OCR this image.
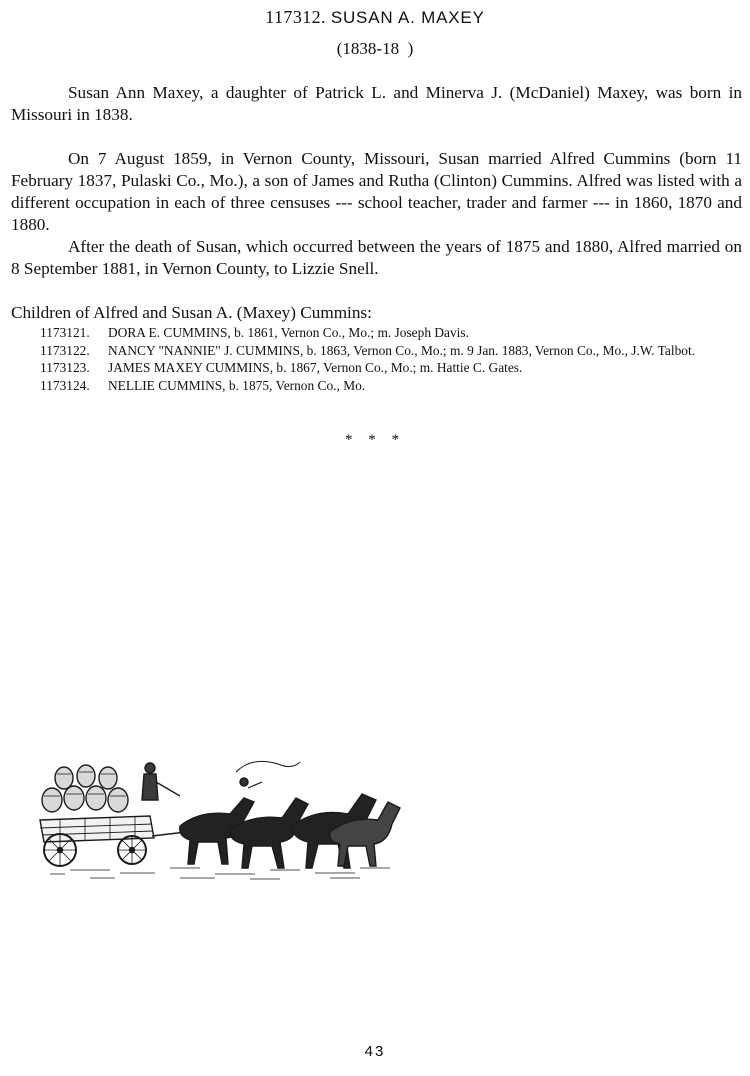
117312. SUSAN A. MAXEY
(1838-18  )

Susan Ann Maxey, a daughter of Patrick L. and Minerva J. (McDaniel) Maxey, was born in Missouri in 1838.

On 7 August 1859, in Vernon County, Missouri, Susan married Alfred Cummins (born 11 February 1837, Pulaski Co., Mo.), a son of James and Rutha (Clinton) Cummins. Alfred was listed with a different occupation in each of three censuses --- school teacher, trader and farmer --- in 1860, 1870 and 1880.

After the death of Susan, which occurred between the years of 1875 and 1880, Alfred married on 8 September 1881, in Vernon County, to Lizzie Snell.

Children of Alfred and Susan A. (Maxey) Cummins:

1173121.	DORA E. CUMMINS, b. 1861, Vernon Co., Mo.; m. Joseph Davis.
1173122.	NANCY "NANNIE" J. CUMMINS, b. 1863, Vernon Co., Mo.; m. 9 Jan. 1883, Vernon Co., Mo., J.W. Talbot.
1173123.	JAMES MAXEY CUMMINS, b. 1867, Vernon Co., Mo.; m. Hattie C. Gates.
1173124.	NELLIE CUMMINS, b. 1875, Vernon Co., Mo.
* * *
43
